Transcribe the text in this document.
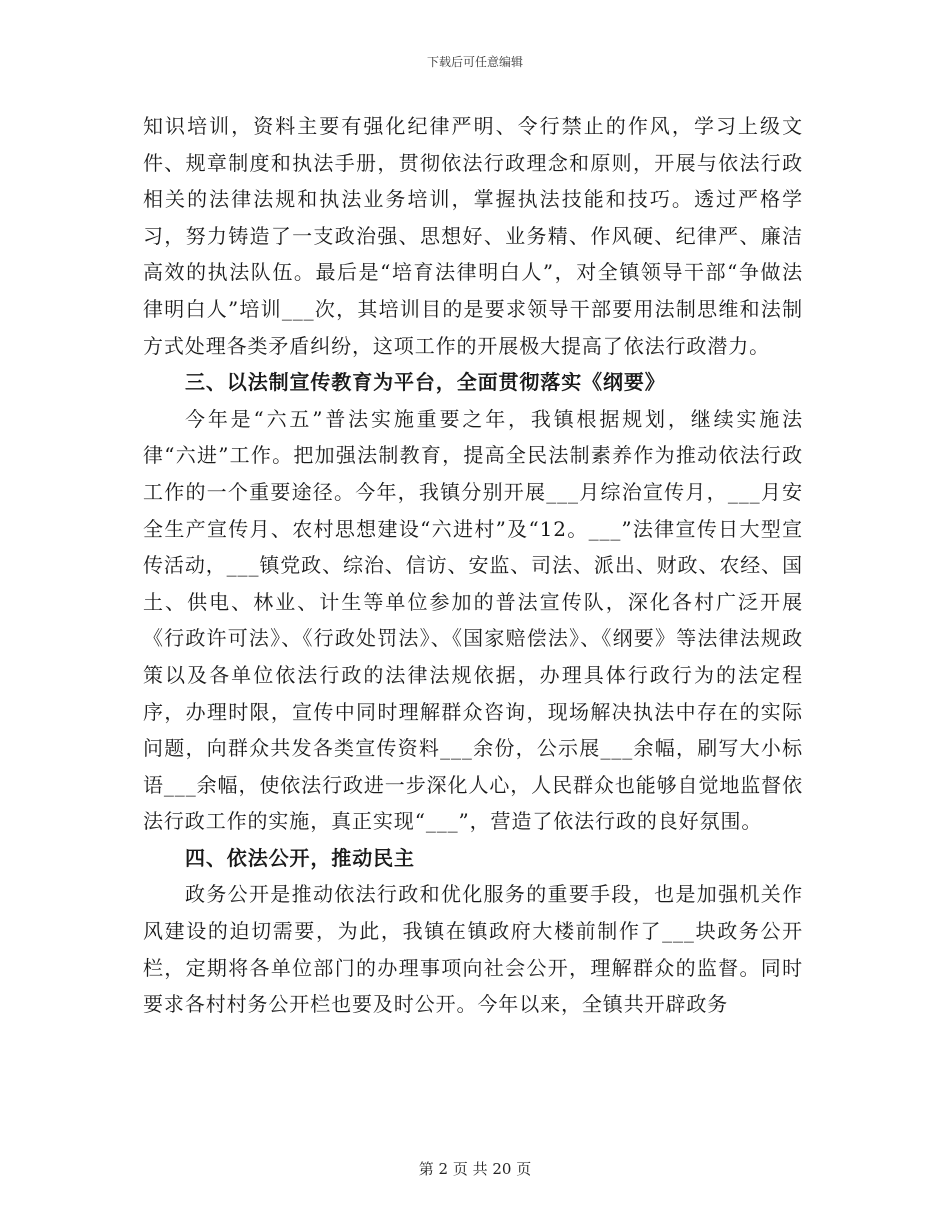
下载后可任意编辑

知识培训，资料主要有强化纪律严明、令行禁止的作风，学习上级文件、规章制度和执法手册，贯彻依法行政理念和原则，开展与依法行政相关的法律法规和执法业务培训，掌握执法技能和技巧。透过严格学习，努力铸造了一支政治强、思想好、业务精、作风硬、纪律严、廉洁高效的执法队伍。最后是“培育法律明白人”，对全镇领导干部“争做法律明白人”培训___次，其培训目的是要求领导干部要用法制思维和法制方式处理各类矛盾纠纷，这项工作的开展极大提高了依法行政潜力。

三、以法制宣传教育为平台，全面贯彻落实《纲要》

今年是“六五”普法实施重要之年，我镇根据规划，继续实施法律“六进”工作。把加强法制教育，提高全民法制素养作为推动依法行政工作的一个重要途径。今年，我镇分别开展___月综治宣传月，___月安全生产宣传月、农村思想建设“六进村”及“12。___”法律宣传日大型宣传活动，___镇党政、综治、信访、安监、司法、派出、财政、农经、国土、供电、林业、计生等单位参加的普法宣传队，深化各村广泛开展《行政许可法》、《行政处罚法》、《国家赔偿法》、《纲要》等法律法规政策以及各单位依法行政的法律法规依据，办理具体行政行为的法定程序，办理时限，宣传中同时理解群众咨询，现场解决执法中存在的实际问题，向群众共发各类宣传资料___余份，公示展___余幅，刷写大小标语___余幅，使依法行政进一步深化人心，人民群众也能够自觉地监督依法行政工作的实施，真正实现“___”，营造了依法行政的良好氛围。

四、依法公开，推动民主

政务公开是推动依法行政和优化服务的重要手段，也是加强机关作风建设的迫切需要，为此，我镇在镇政府大楼前制作了___块政务公开栏，定期将各单位部门的办理事项向社会公开，理解群众的监督。同时要求各村村务公开栏也要及时公开。今年以来，全镇共开辟政务

第 2 页 共 20 页
